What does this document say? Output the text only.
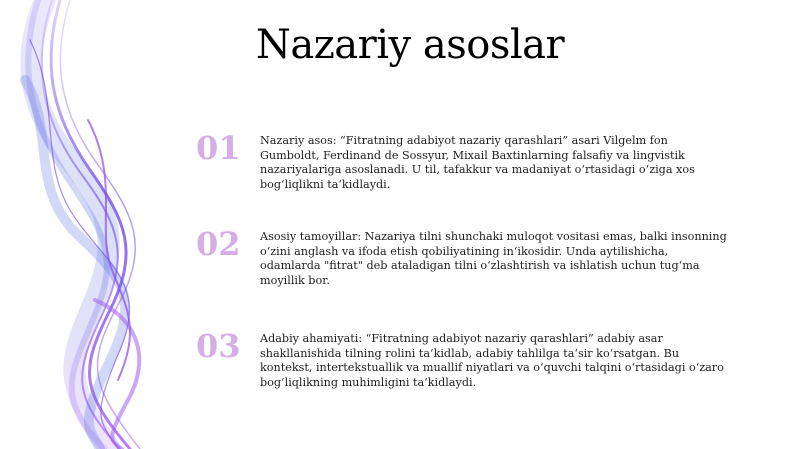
Nazariy asoslar
01	Nazariy asos: “Fitratning adabiyot nazariy qarashlari” asari Vilgelm fon Gumboldt, Ferdinand de Sossyur, Mixail Baxtinlarning falsafiy va lingvistik nazariyalariga asoslanadi. U til, tafakkur va madaniyat o‘rtasidagi o‘ziga xos bog‘liqlikni ta‘kidlaydi.

02	Asosiy tamoyillar: Nazariya tilni shunchaki muloqot vositasi emas, balki insonning o‘zini anglash va ifoda etish qobiliyatining in‘ikosidir. Unda aytilishicha, odamlarda "fitrat" deb ataladigan tilni o‘zlashtirish va ishlatish uchun tug‘ma moyillik bor.

03	Adabiy ahamiyati: “Fitratning adabiyot nazariy qarashlari” adabiy asar shakllanishida tilning rolini ta‘kidlab, adabiy tahlilga ta‘sir ko‘rsatgan. Bu kontekst, intertekstuallik va muallif niyatlari va o‘quvchi talqini o‘rtasidagi o‘zaro bog‘liqlikning muhimligini ta‘kidlaydi.
